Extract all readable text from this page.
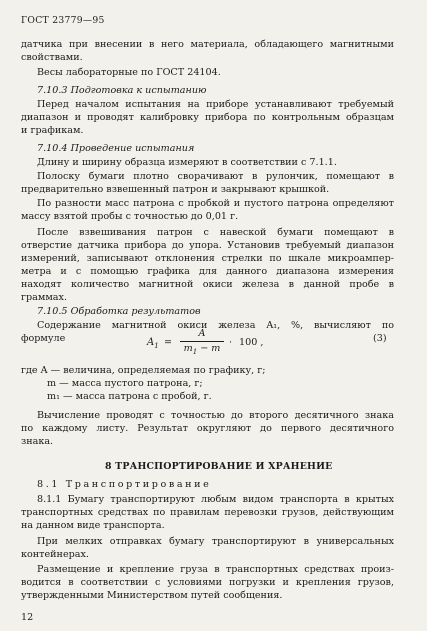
ГОСТ 23779—95
датчика при внесении в него материала, обладающего магнитными
свойствами.
Весы лабораторные по ГОСТ 24104.
7.10.3 Подготовка к испытанию
Перед началом испытания на приборе устанавливают требуемый
диапазон и проводят калибровку прибора по контрольным образцам
и графикам.
7.10.4 Проведение испытания
Длину и ширину образца измеряют в соответствии с 7.1.1.
Полоску бумаги плотно сворачивают в рулончик, помещают в
предварительно взвешенный патрон и закрывают крышкой.
По разности масс патрона с пробкой и пустого патрона определяют
массу взятой пробы с точностью до 0,01 г.
После взвешивания патрон с навеской бумаги помещают в
отверстие датчика прибора до упора. Установив требуемый диапазон
измерений, записывают отклонения стрелки по шкале микроампер-
метра и с помощью графика для данного диапазона измерения
находят количество магнитной окиси железа в данной пробе в
граммах.
7.10.5 Обработка результатов
Содержание магнитной окиси железа A₁, %, вычисляют по
формуле	$A_1$ =
A
$m_1 - m$
· 100 ,	(3)
где A — величина, определяемая по графику, г;
m — масса пустого патрона, г;
m₁ — масса патрона с пробой, г.
Вычисление проводят с точностью до второго десятичного знака
по каждому листу. Результат округляют до первого десятичного
знака.
8 ТРАНСПОРТИРОВАНИЕ И ХРАНЕНИЕ
8.1 Транспортирование
8.1.1 Бумагу транспортируют любым видом транспорта в крытых
транспортных средствах по правилам перевозки грузов, действующим
на данном виде транспорта.
При мелких отправках бумагу транспортируют в универсальных
контейнерах.
Размещение и крепление груза в транспортных средствах произ-
водится в соответствии с условиями погрузки и крепления грузов,
утвержденными Министерством путей сообщения.
12
